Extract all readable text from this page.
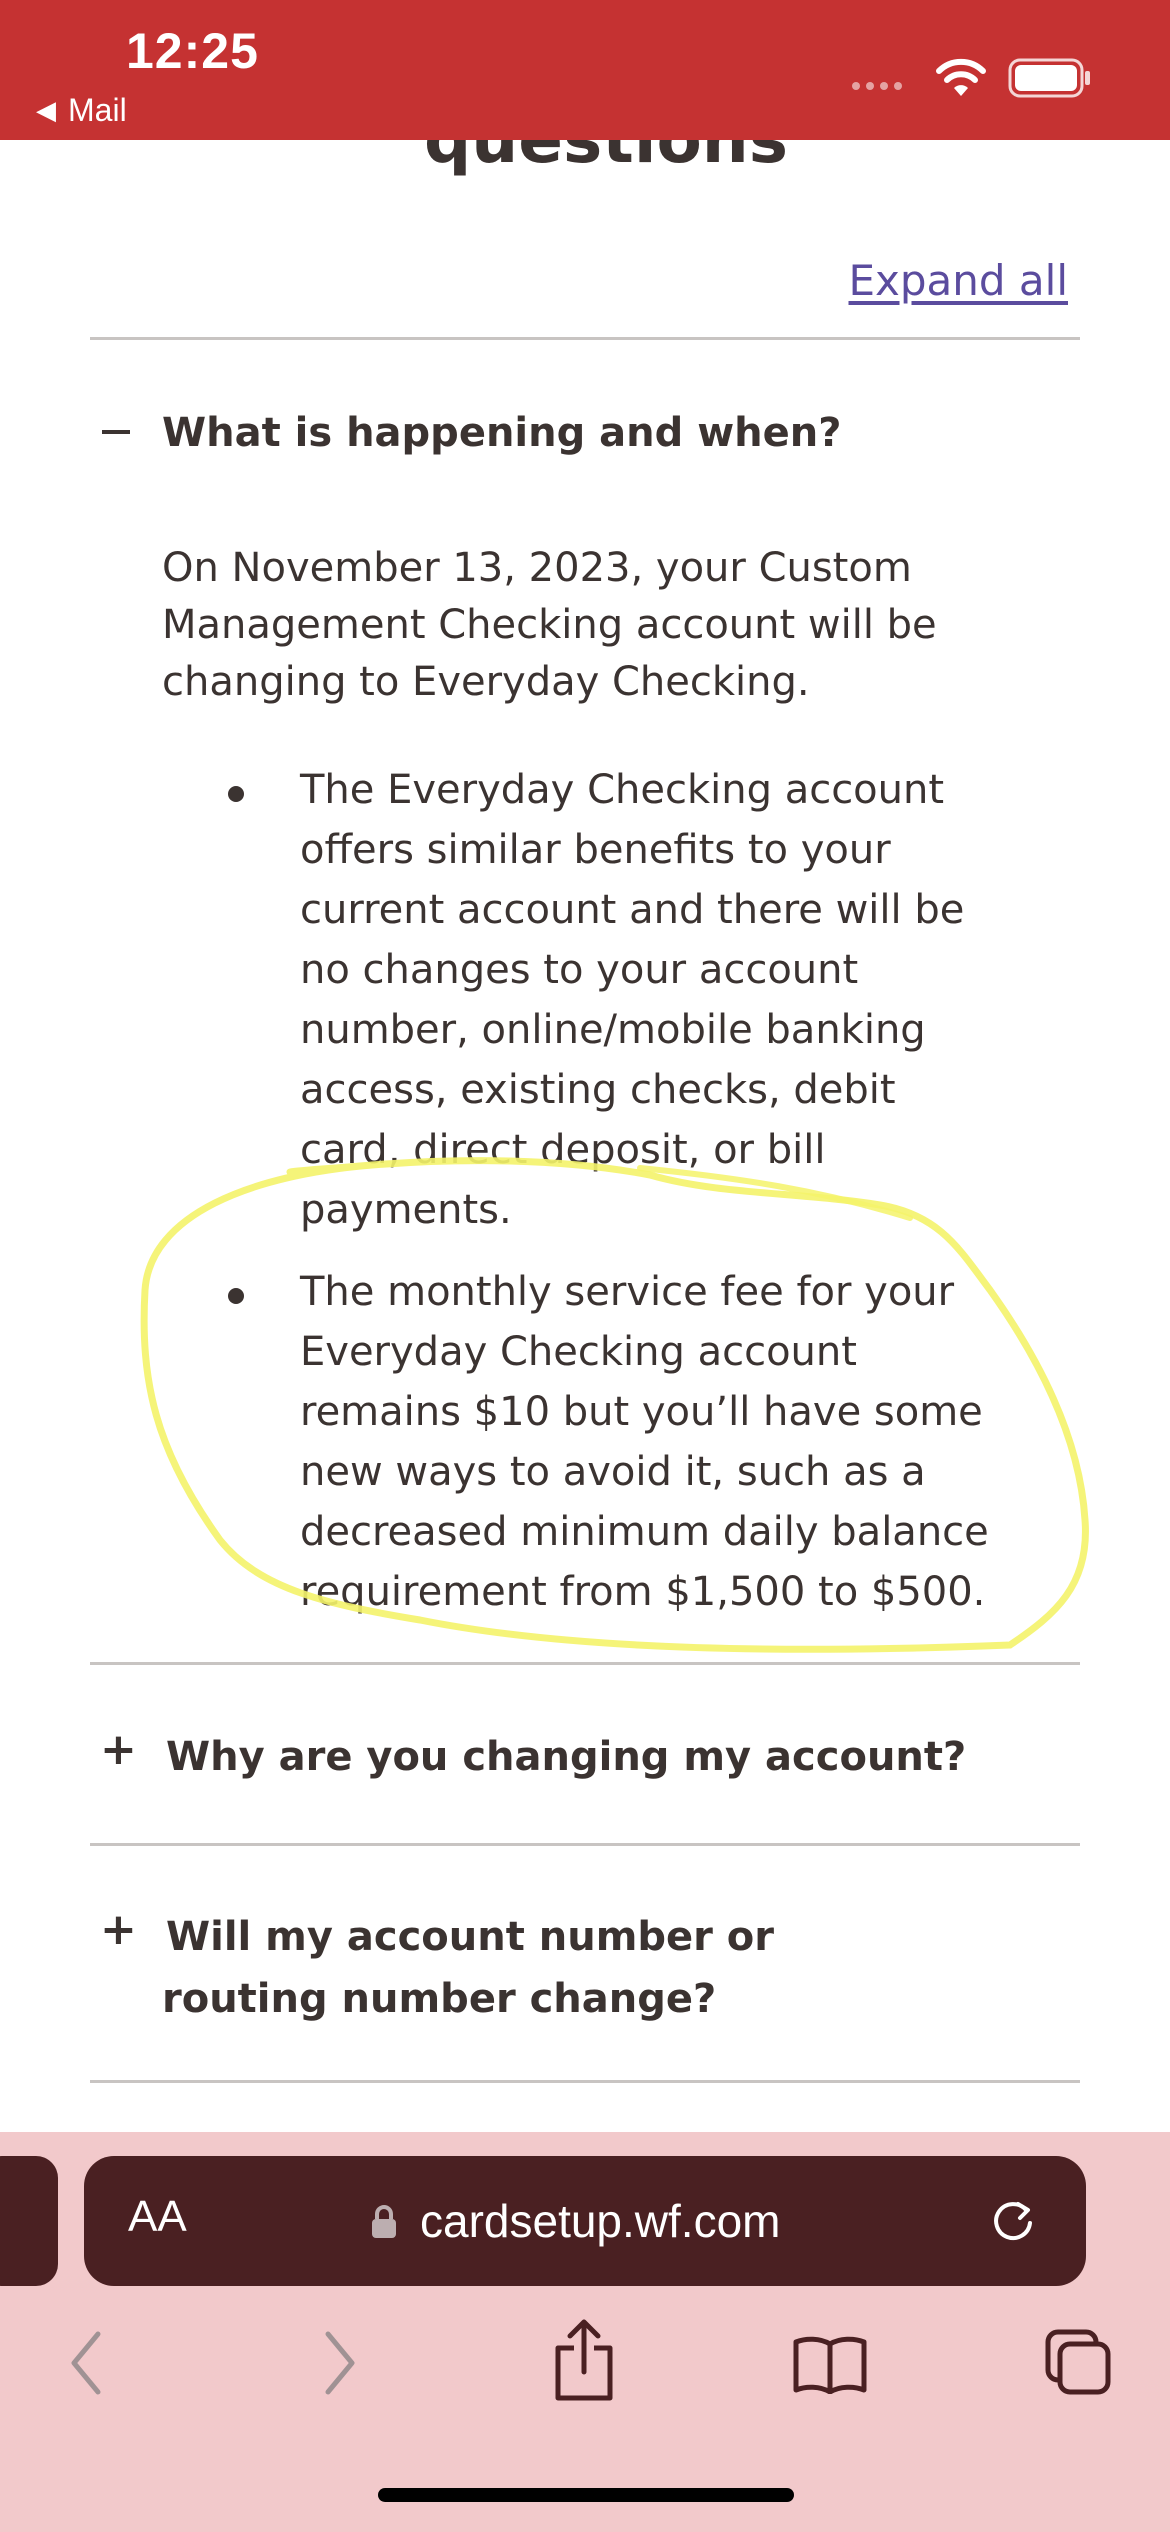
12:25
◀ Mail
Expand all
What is happening and when?
On November 13, 2023, your Custom Management Checking account will be changing to Everyday Checking.
The Everyday Checking account offers similar benefits to your current account and there will be no changes to your account number, online/mobile banking access, existing checks, debit card, direct deposit, or bill payments.
The monthly service fee for your Everyday Checking account remains $10 but you’ll have some new ways to avoid it, such as a decreased minimum daily balance requirement from $1,500 to $500.
+ Why are you changing my account?
+ Will my account number or routing number change?
AA	cardsetup.wf.com
